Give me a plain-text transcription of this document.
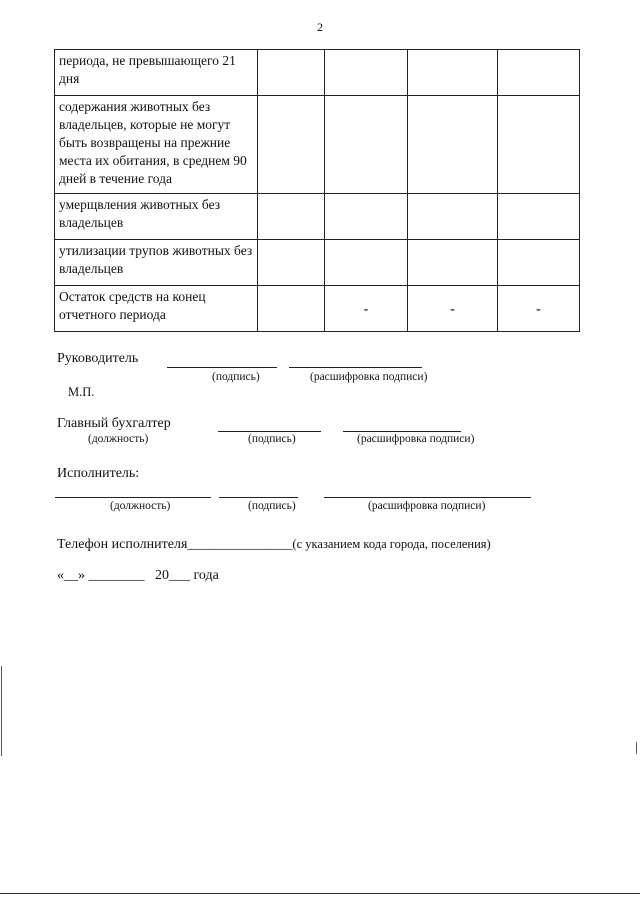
2
периода, не превышающего 21 дня				
содержания животных без владельцев, которые не могут быть возвращены на прежние места их обитания, в среднем 90 дней в течение года				
умерщвления животных без владельцев				
утилизации трупов животных без владельцев				
Остаток средств на конец отчетного периода		-	-	-
Руководитель
(подпись)	(расшифровка подписи)
М.П.
Главный бухгалтер
(должность)	(подпись)	(расшифровка подписи)
Исполнитель:
(должность)	(подпись)	(расшифровка подписи)
Телефон исполнителя_______________(с указанием кода города, поселения)
«__» ________ 20___ года
